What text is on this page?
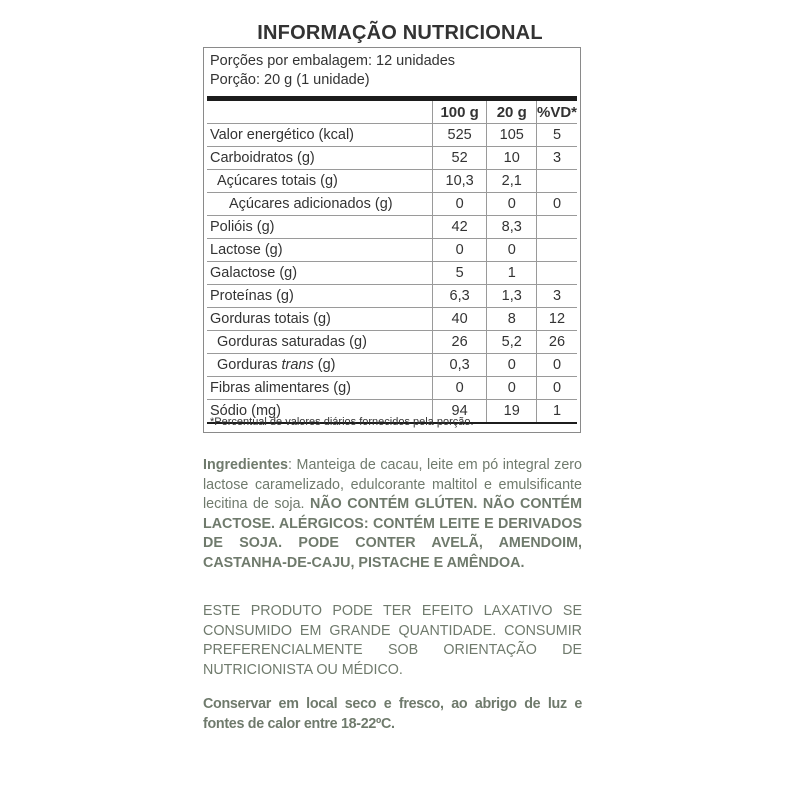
INFORMAÇÃO NUTRICIONAL
Porções por embalagem: 12 unidades
Porção: 20 g (1 unidade)
	100 g	20 g	%VD*
Valor energético (kcal)	525	105	5
Carboidratos (g)	52	10	3
Açúcares totais (g)	10,3	2,1	
Açúcares adicionados (g)	0	0	0
Polióis (g)	42	8,3	
Lactose (g)	0	0	
Galactose (g)	5	1	
Proteínas (g)	6,3	1,3	3
Gorduras totais (g)	40	8	12
Gorduras saturadas (g)	26	5,2	26
Gorduras trans (g)	0,3	0	0
Fibras alimentares (g)	0	0	0
Sódio (mg)	94	19	1
*Percentual de valores diários fornecidos pela porção.
Ingredientes: Manteiga de cacau, leite em pó integral zero lactose caramelizado, edulcorante maltitol e emulsificante lecitina de soja. NÃO CONTÉM GLÚTEN. NÃO CONTÉM LACTOSE. ALÉRGICOS: CONTÉM LEITE E DERIVADOS DE SOJA. PODE CONTER AVELÃ, AMENDOIM, CASTANHA-DE-CAJU, PISTACHE E AMÊNDOA.
ESTE PRODUTO PODE TER EFEITO LAXATIVO SE CONSUMIDO EM GRANDE QUANTIDADE. CONSUMIR PREFERENCIALMENTE SOB ORIENTAÇÃO DE NUTRICIONISTA OU MÉDICO.
Conservar em local seco e fresco, ao abrigo de luz e fontes de calor entre 18-22ºC.
